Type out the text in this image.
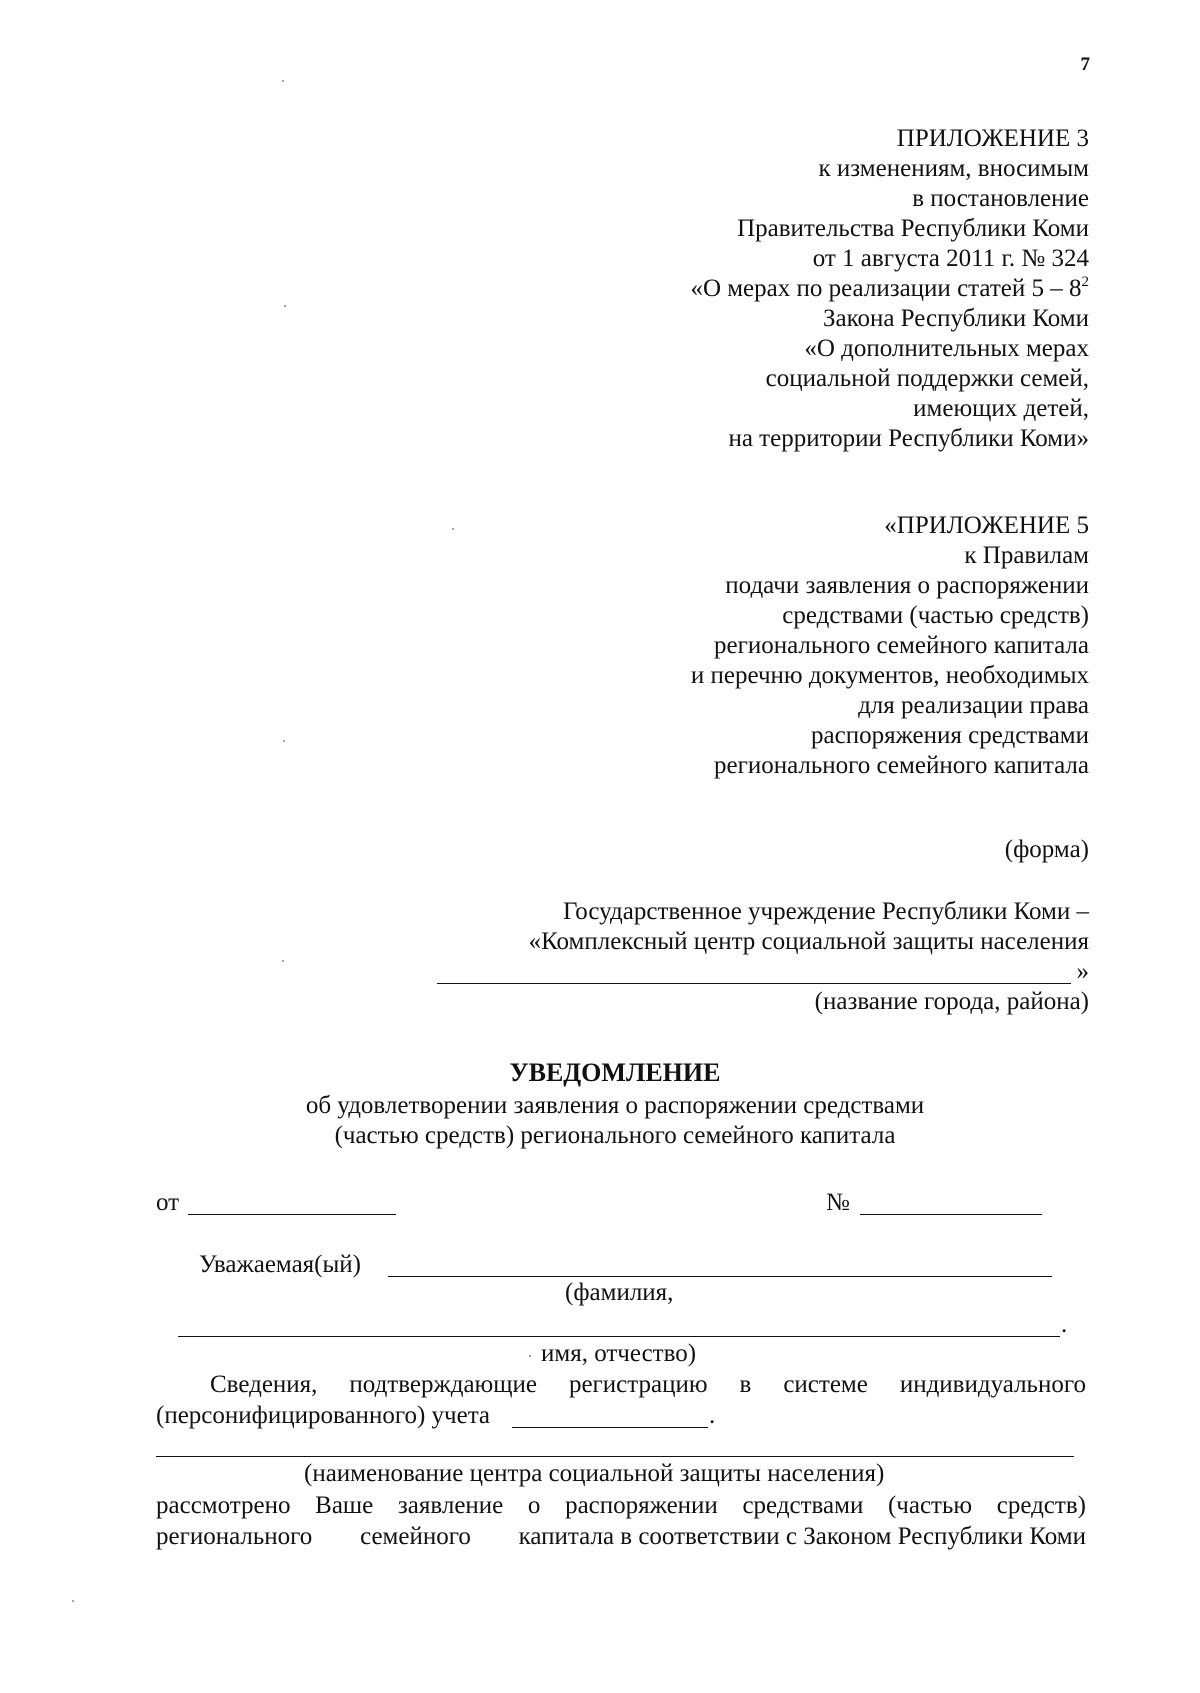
7
ПРИЛОЖЕНИЕ 3
к изменениям, вносимым
в постановление
Правительства Республики Коми
от 1 августа 2011 г. № 324
«О мерах по реализации статей $5 - 8^2$
Закона Республики Коми
«О дополнительных мерах
социальной поддержки семей,
имеющих детей,
на территории Республики Коми»
«ПРИЛОЖЕНИЕ 5
к Правилам
подачи заявления о распоряжении
средствами (частью средств)
регионального семейного капитала
и перечню документов, необходимых
для реализации права
распоряжения средствами
регионального семейного капитала
(форма)
Государственное учреждение Республики Коми –
«Комплексный центр социальной защиты населения
»
(название города, района)
УВЕДОМЛЕНИЕ
об удовлетворении заявления о распоряжении средствами
(частью средств) регионального семейного капитала
от	№
Уважаемая(ый)
(фамилия,
.
имя, отчество)
Сведения, подтверждающие регистрацию в системе индивидуального
(персонифицированного) учета	.
(наименование центра социальной защиты населения)
рассмотрено Ваше заявление о распоряжении средствами (частью средств)
регионального семейного капитала в соответствии с Законом Республики Коми
